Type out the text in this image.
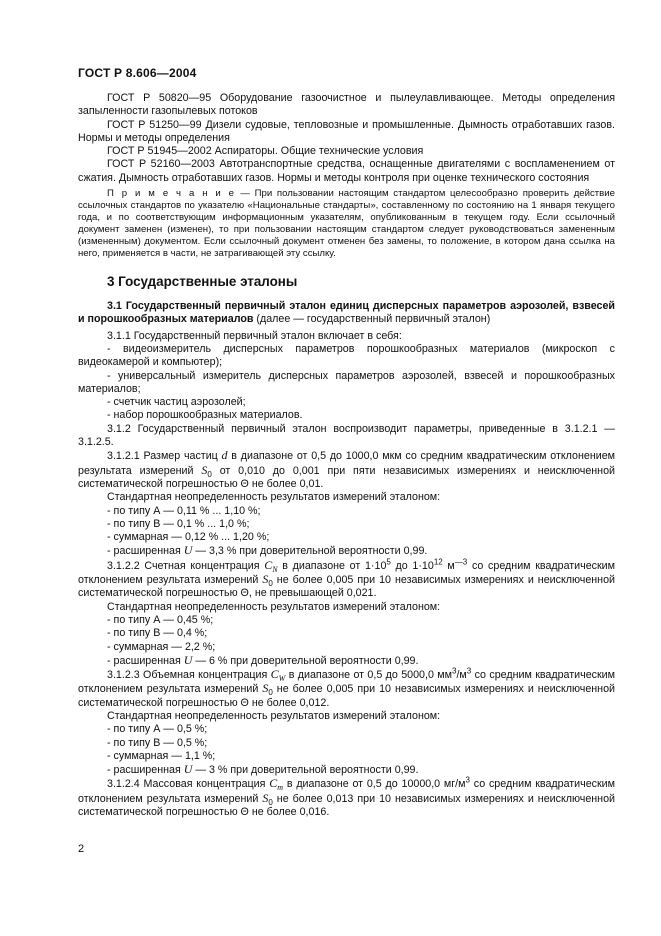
ГОСТ Р 8.606—2004

ГОСТ Р 50820—95 Оборудование газоочистное и пылеулавливающее. Методы определения запыленности газопылевых потоков

ГОСТ Р 51250—99 Дизели судовые, тепловозные и промышленные. Дымность отработавших газов. Нормы и методы определения

ГОСТ Р 51945—2002 Аспираторы. Общие технические условия

ГОСТ Р 52160—2003 Автотранспортные средства, оснащенные двигателями с воспламенением от сжатия. Дымность отработавших газов. Нормы и методы контроля при оценке технического состояния

П р и м е ч а н и е — При пользовании настоящим стандартом целесообразно проверить действие ссылочных стандартов по указателю «Национальные стандарты», составленному по состоянию на 1 января текущего года, и по соответствующим информационным указателям, опубликованным в текущем году. Если ссылочный документ заменен (изменен), то при пользовании настоящим стандартом следует руководствоваться замененным (измененным) документом. Если ссылочный документ отменен без замены, то положение, в котором дана ссылка на него, применяется в части, не затрагивающей эту ссылку.

3 Государственные эталоны

3.1 Государственный первичный эталон единиц дисперсных параметров аэрозолей, взвесей и порошкообразных материалов (далее — государственный первичный эталон)

3.1.1 Государственный первичный эталон включает в себя:

- видеоизмеритель дисперсных параметров порошкообразных материалов (микроскоп с видеокамерой и компьютер);

- универсальный измеритель дисперсных параметров аэрозолей, взвесей и порошкообразных материалов;

- счетчик частиц аэрозолей;

- набор порошкообразных материалов.

3.1.2 Государственный первичный эталон воспроизводит параметры, приведенные в 3.1.2.1 — 3.1.2.5.

3.1.2.1 Размер частиц d в диапазоне от 0,5 до 1000,0 мкм со средним квадратическим отклонением результата измерений $S_0$ от 0,010 до 0,001 при пяти независимых измерениях и неисключенной систематической погрешностью Θ не более 0,01.

Стандартная неопределенность результатов измерений эталоном:

- по типу А — 0,11 % ... 1,10 %;

- по типу В — 0,1 % ... 1,0 %;

- суммарная — 0,12 % ... 1,20 %;

- расширенная U — 3,3 % при доверительной вероятности 0,99.

3.1.2.2 Счетная концентрация $C_N$ в диапазоне от $1\cdot 10^5$ до $1\cdot 10^{12}$ $м^{—3}$ со средним квадратическим отклонением результата измерений $S_0$ не более 0,005 при 10 независимых измерениях и неисключенной систематической погрешностью Θ, не превышающей 0,021.

Стандартная неопределенность результатов измерений эталоном:

- по типу А — 0,45 %;

- по типу В — 0,4 %;

- суммарная — 2,2 %;

- расширенная U — 6 % при доверительной вероятности 0,99.

3.1.2.3 Объемная концентрация $C_W$ в диапазоне от 0,5 до 5000,0 $мм^3/м^3$ со средним квадратическим отклонением результата измерений $S_0$ не более 0,005 при 10 независимых измерениях и неисключенной систематической погрешностью Θ не более 0,012.

Стандартная неопределенность результатов измерений эталоном:

- по типу А — 0,5 %;

- по типу В — 0,5 %;

- суммарная — 1,1 %;

- расширенная U — 3 % при доверительной вероятности 0,99.

3.1.2.4 Массовая концентрация $C_m$ в диапазоне от 0,5 до 10000,0 $мг/м^3$ со средним квадратическим отклонением результата измерений $S_0$ не более 0,013 при 10 независимых измерениях и неисключенной систематической погрешностью Θ не более 0,016.

2
